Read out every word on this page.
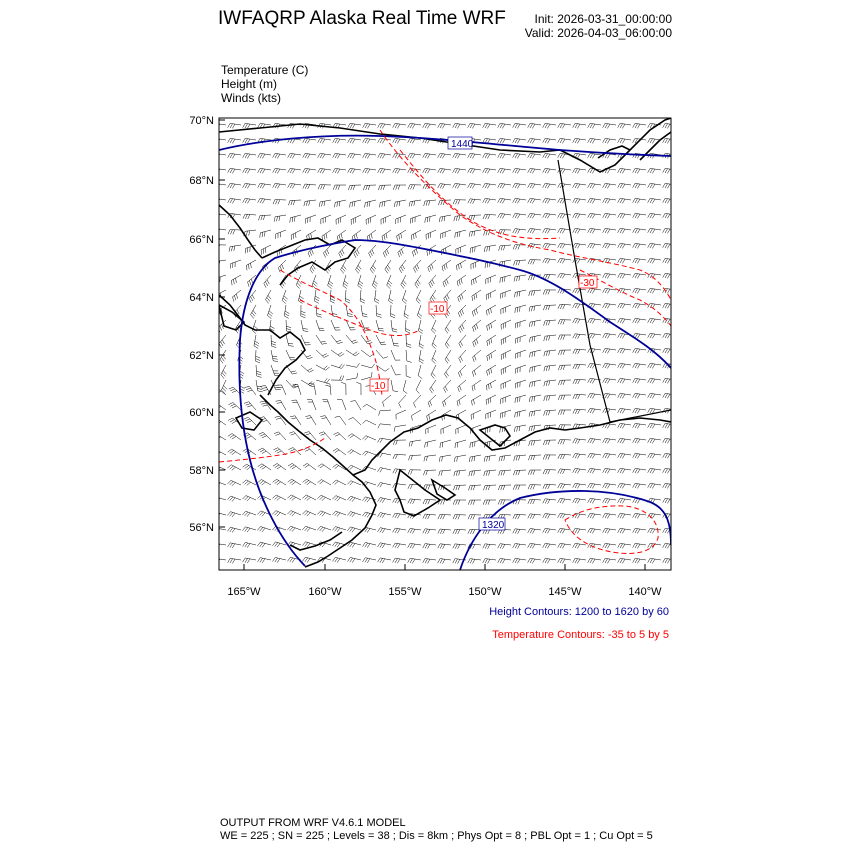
1440
1320
-10
-10
-30
70°N
68°N
66°N
64°N
62°N
60°N
58°N
56°N
165°W	160°W	155°W	150°W	145°W	140°W
IWFAQRP Alaska Real Time WRF Init: 2026-03-31_00:00:00
Valid: 2026-04-03_06:00:00
Temperature (C)
Height (m)
Winds (kts)
Height Contours: 1200 to 1620 by 60
Temperature Contours: -35 to 5 by 5
OUTPUT FROM WRF V4.6.1 MODEL
WE = 225 ; SN = 225 ; Levels = 38 ; Dis = 8km ; Phys Opt = 8 ; PBL Opt = 1 ; Cu Opt = 5
